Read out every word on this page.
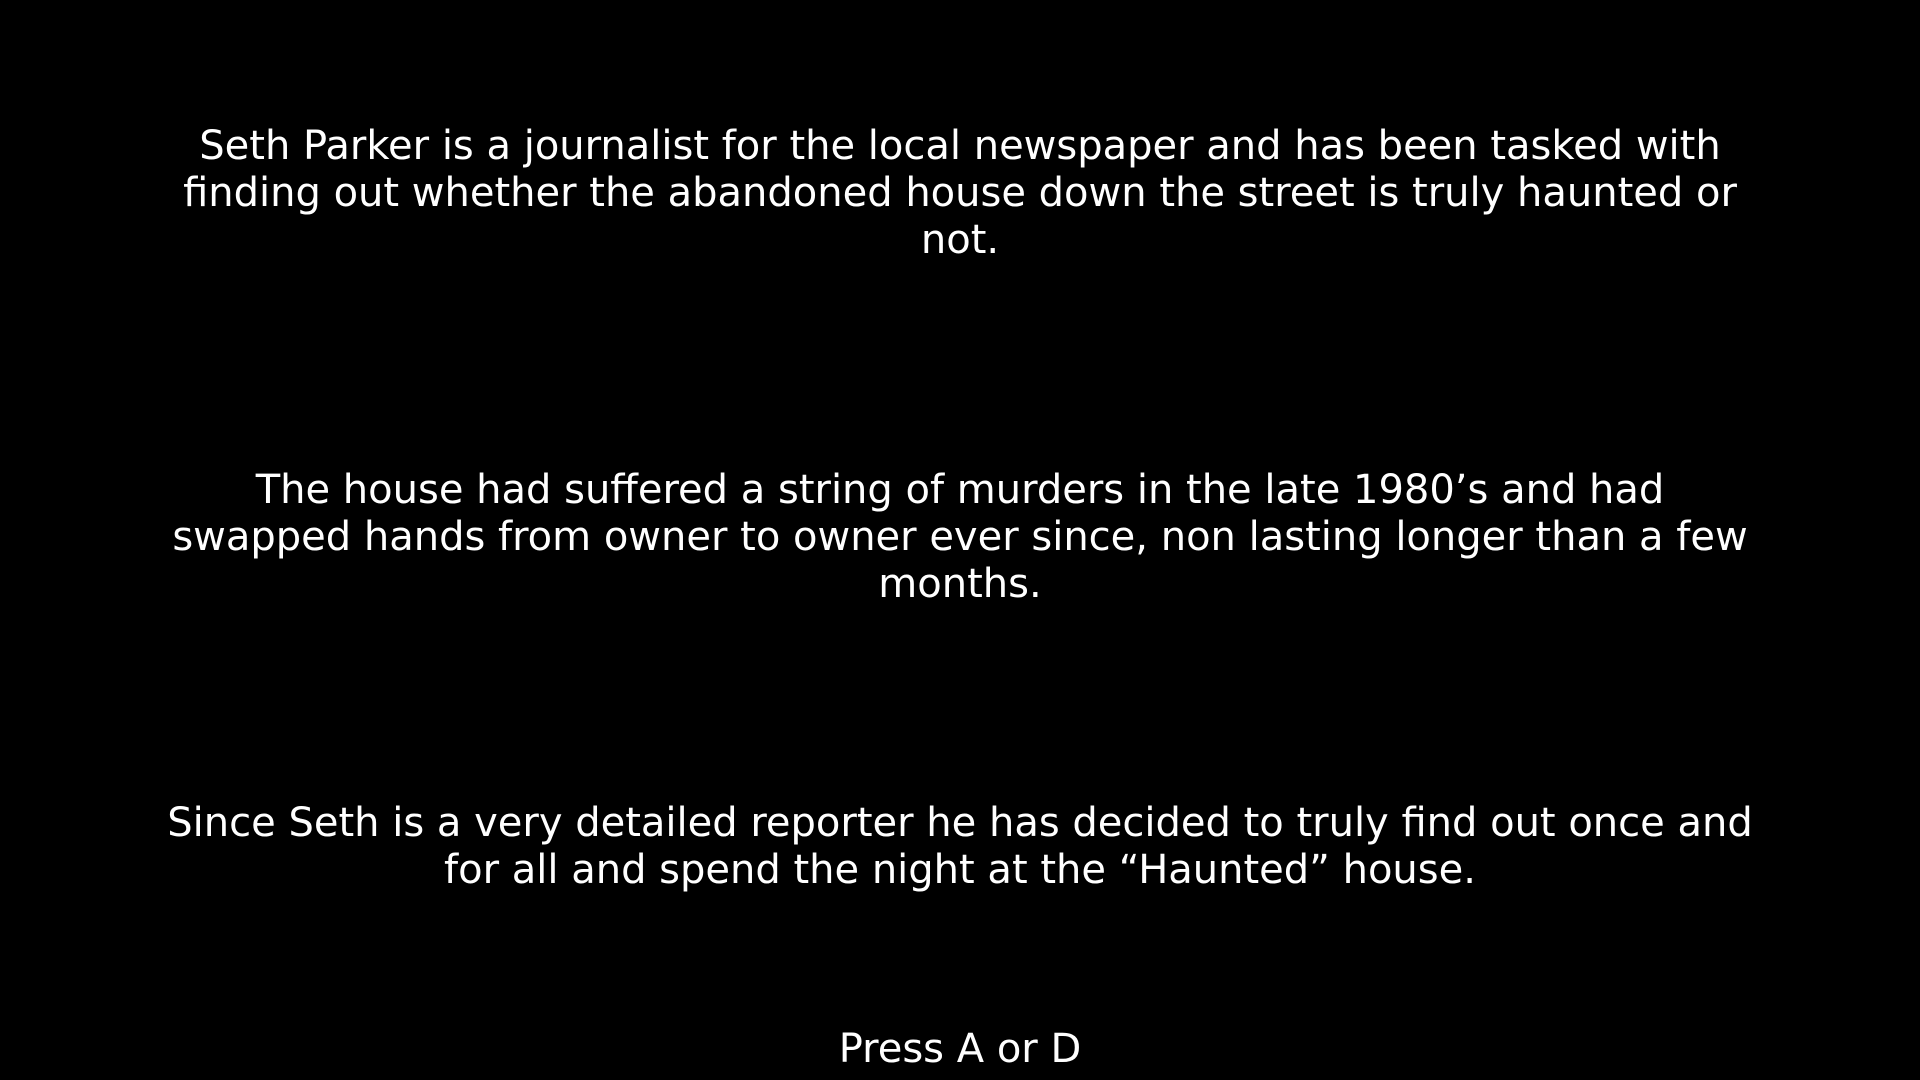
Seth Parker is a journalist for the local newspaper and has been tasked with finding out whether the abandoned house down the street is truly haunted or not.

The house had suffered a string of murders in the late 1980’s and had swapped hands from owner to owner ever since, non lasting longer than a few months.

Since Seth is a very detailed reporter he has decided to truly find out once and for all and spend the night at the “Haunted” house.

Press A or D
